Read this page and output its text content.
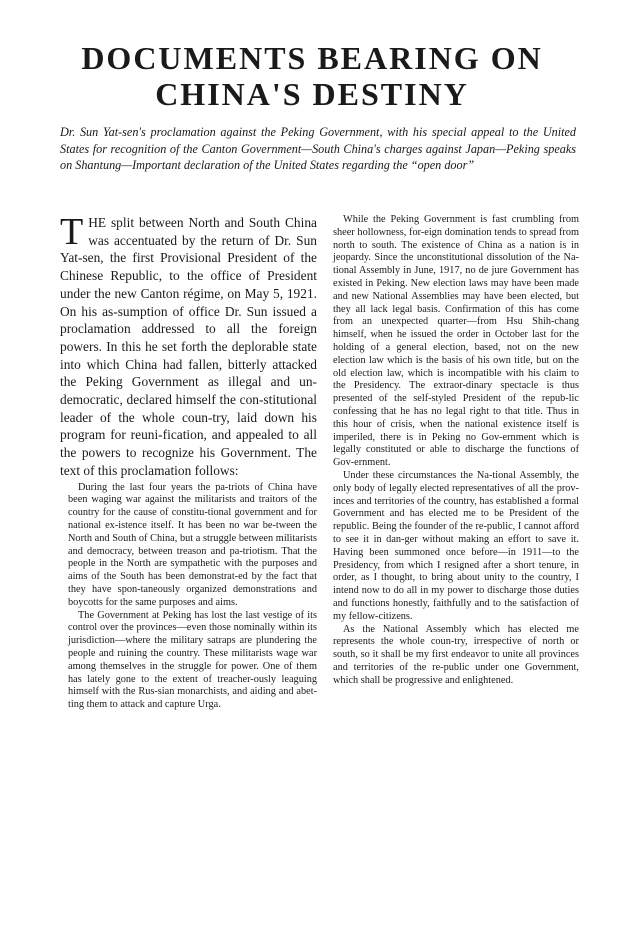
DOCUMENTS BEARING ON
CHINA'S DESTINY

Dr. Sun Yat-sen's proclamation against the Peking Government, with his special appeal to the United States for recognition of the Canton Government—South China's charges against Japan—Peking speaks on Shantung—Important declaration of the United States regarding the “open door”

T HE split between North and South China was accentuated by the return of Dr. Sun Yat-sen, the first Provisional President of the Chinese Republic, to the office of President under the new Canton régime, on May 5, 1921. On his as-sumption of office Dr. Sun issued a proclamation addressed to all the foreign powers. In this he set forth the deplorable state into which China had fallen, bitterly attacked the Peking Government as illegal and un-democratic, declared himself the con-stitutional leader of the whole coun-try, laid down his program for reuni-fication, and appealed to all the powers to recognize his Government. The text of this proclamation follows:

During the last four years the pa-triots of China have been waging war against the militarists and traitors of the country for the cause of constitu-tional government and for national ex-istence itself. It has been no war be-tween the North and South of China, but a struggle between militarists and democracy, between treason and pa-triotism. That the people in the North are sympathetic with the purposes and aims of the South has been demonstrat-ed by the fact that they have spon-taneously organized demonstrations and boycotts for the same purposes and aims.

The Government at Peking has lost the last vestige of its control over the provinces—even those nominally within its jurisdiction—where the military satraps are plundering the people and ruining the country. These militarists wage war among themselves in the struggle for power. One of them has lately gone to the extent of treacher-ously leaguing himself with the Rus-sian monarchists, and aiding and abet-ting them to attack and capture Urga.

While the Peking Government is fast crumbling from sheer hollowness, for-eign domination tends to spread from north to south. The existence of China as a nation is in jeopardy. Since the unconstitutional dissolution of the Na-tional Assembly in June, 1917, no de jure Government has existed in Peking. New election laws may have been made and new National Assemblies may have been elected, but they all lack legal basis. Confirmation of this has come from an unexpected quarter—from Hsu Shih-chang himself, when he issued the order in October last for the holding of a general election, based, not on the new election law which is the basis of his own title, but on the old election law, which is incompatible with his claim to the Presidency. The extraor-dinary spectacle is thus presented of the self-styled President of the repub-lic confessing that he has no legal right to that title. Thus in this hour of crisis, when the national existence itself is imperiled, there is in Peking no Gov-ernment which is legally constituted or able to discharge the functions of Gov-ernment.

Under these circumstances the Na-tional Assembly, the only body of legally elected representatives of all the prov-inces and territories of the country, has established a formal Government and has elected me to be President of the republic. Being the founder of the re-public, I cannot afford to see it in dan-ger without making an effort to save it. Having been summoned once before—in 1911—to the Presidency, from which I resigned after a short tenure, in order, as I thought, to bring about unity to the country, I intend now to do all in my power to discharge those duties and functions honestly, faithfully and to the satisfaction of my fellow-citizens.

As the National Assembly which has elected me represents the whole coun-try, irrespective of north or south, so it shall be my first endeavor to unite all provinces and territories of the re-public under one Government, which shall be progressive and enlightened.
